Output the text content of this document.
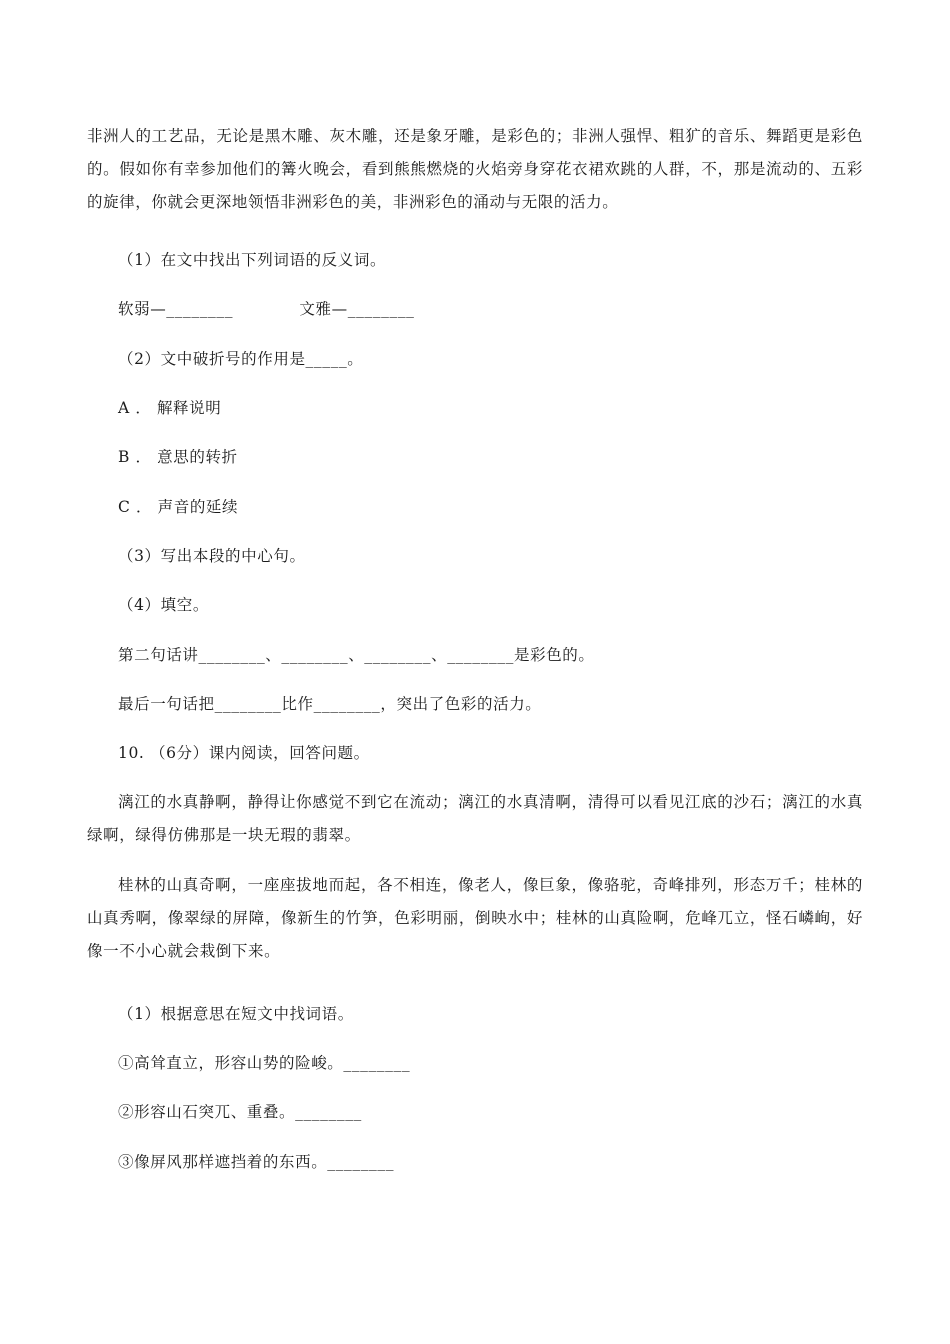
非洲人的工艺品，无论是黑木雕、灰木雕，还是象牙雕，是彩色的；非洲人强悍、粗犷的音乐、舞蹈更是彩色的。假如你有幸参加他们的篝火晚会，看到熊熊燃烧的火焰旁身穿花衣裙欢跳的人群，不，那是流动的、五彩的旋律，你就会更深地领悟非洲彩色的美，非洲彩色的涌动与无限的活力。

（1）在文中找出下列词语的反义词。
软弱—________            文雅—________
（2）文中破折号的作用是_____。
A ． 解释说明
B ． 意思的转折
C ． 声音的延续
（3）写出本段的中心句。
（4）填空。
第二句话讲________、________、________、________是彩色的。
最后一句话把________比作________，突出了色彩的活力。
10. （6分）课内阅读，回答问题。

漓江的水真静啊，静得让你感觉不到它在流动；漓江的水真清啊，清得可以看见江底的沙石；漓江的水真绿啊，绿得仿佛那是一块无瑕的翡翠。

桂林的山真奇啊，一座座拔地而起，各不相连，像老人，像巨象，像骆驼，奇峰排列，形态万千；桂林的山真秀啊，像翠绿的屏障，像新生的竹笋，色彩明丽，倒映水中；桂林的山真险啊，危峰兀立，怪石嶙峋，好像一不小心就会栽倒下来。

（1）根据意思在短文中找词语。
①高耸直立，形容山势的险峻。________
②形容山石突兀、重叠。________
③像屏风那样遮挡着的东西。________
